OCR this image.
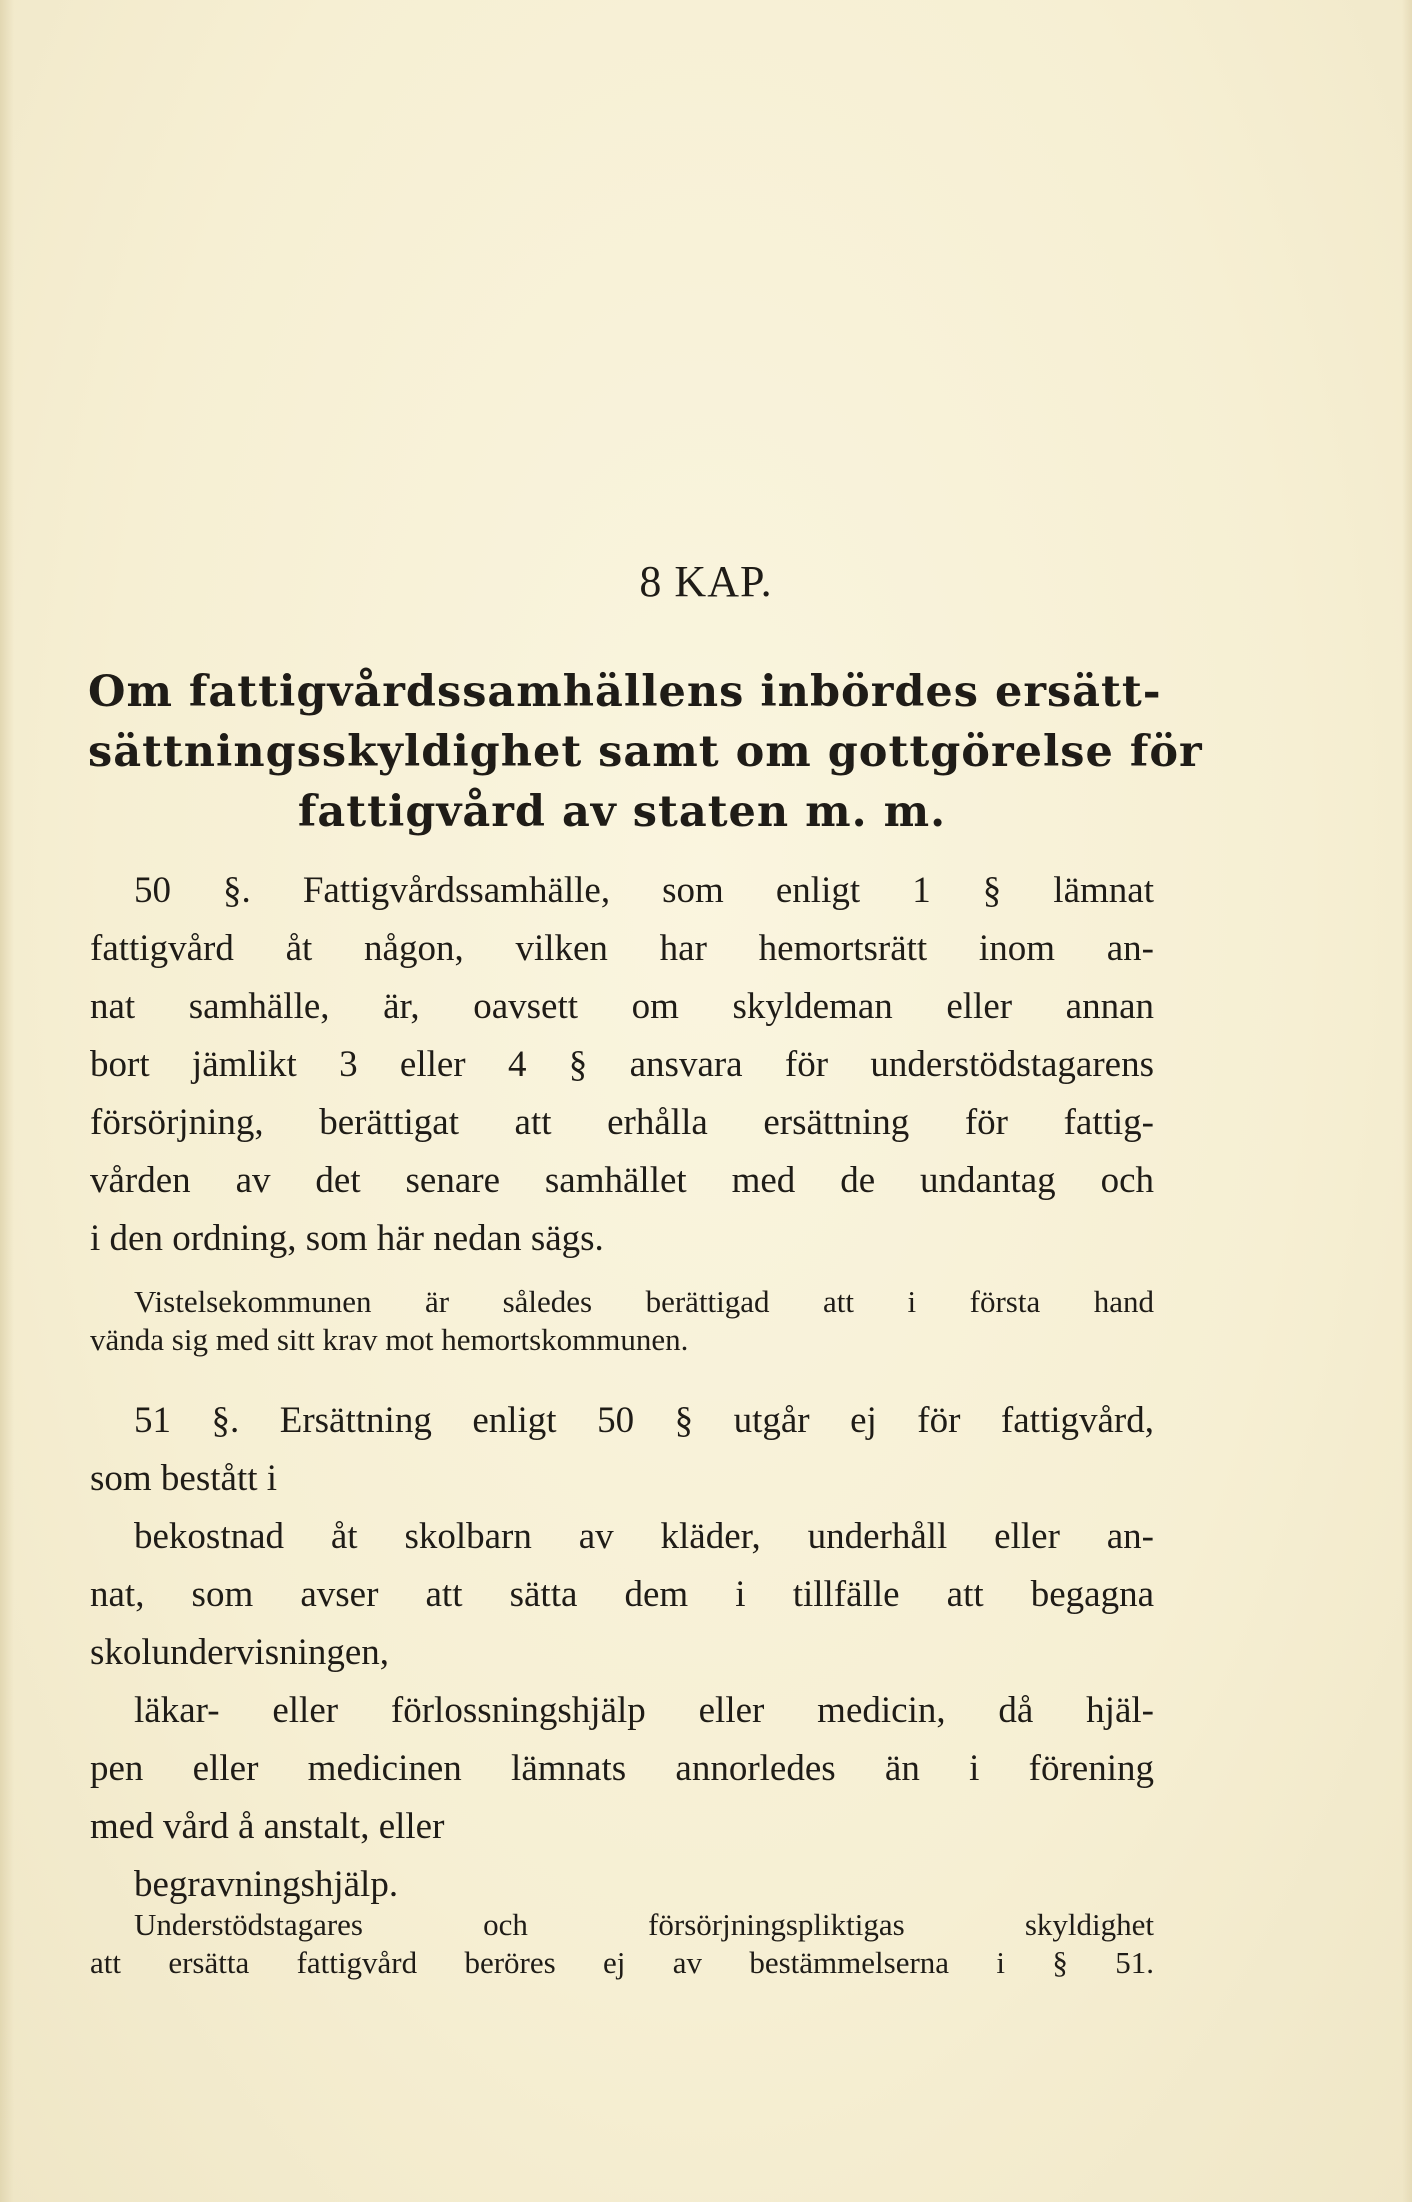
8 KAP.
Om fattigvårdssamhällens inbördes ersätt-
sättningsskyldighet samt om gottgörelse för
fattigvård av staten m. m.
50 §. Fattigvårdssamhälle, som enligt 1 § lämnat
fattigvård åt någon, vilken har hemortsrätt inom an-
nat samhälle, är, oavsett om skyldeman eller annan
bort jämlikt 3 eller 4 § ansvara för understödstagarens
försörjning, berättigat att erhålla ersättning för fattig-
vården av det senare samhället med de undantag och
i den ordning, som här nedan sägs.
Vistelsekommunen är således berättigad att i första hand
vända sig med sitt krav mot hemortskommunen.
51 §. Ersättning enligt 50 § utgår ej för fattigvård,
som bestått i
bekostnad åt skolbarn av kläder, underhåll eller an-
nat, som avser att sätta dem i tillfälle att begagna
skolundervisningen,
läkar- eller förlossningshjälp eller medicin, då hjäl-
pen eller medicinen lämnats annorledes än i förening
med vård å anstalt, eller
begravningshjälp.
Understödstagares och försörjningspliktigas skyldighet
att ersätta fattigvård beröres ej av bestämmelserna i § 51.
